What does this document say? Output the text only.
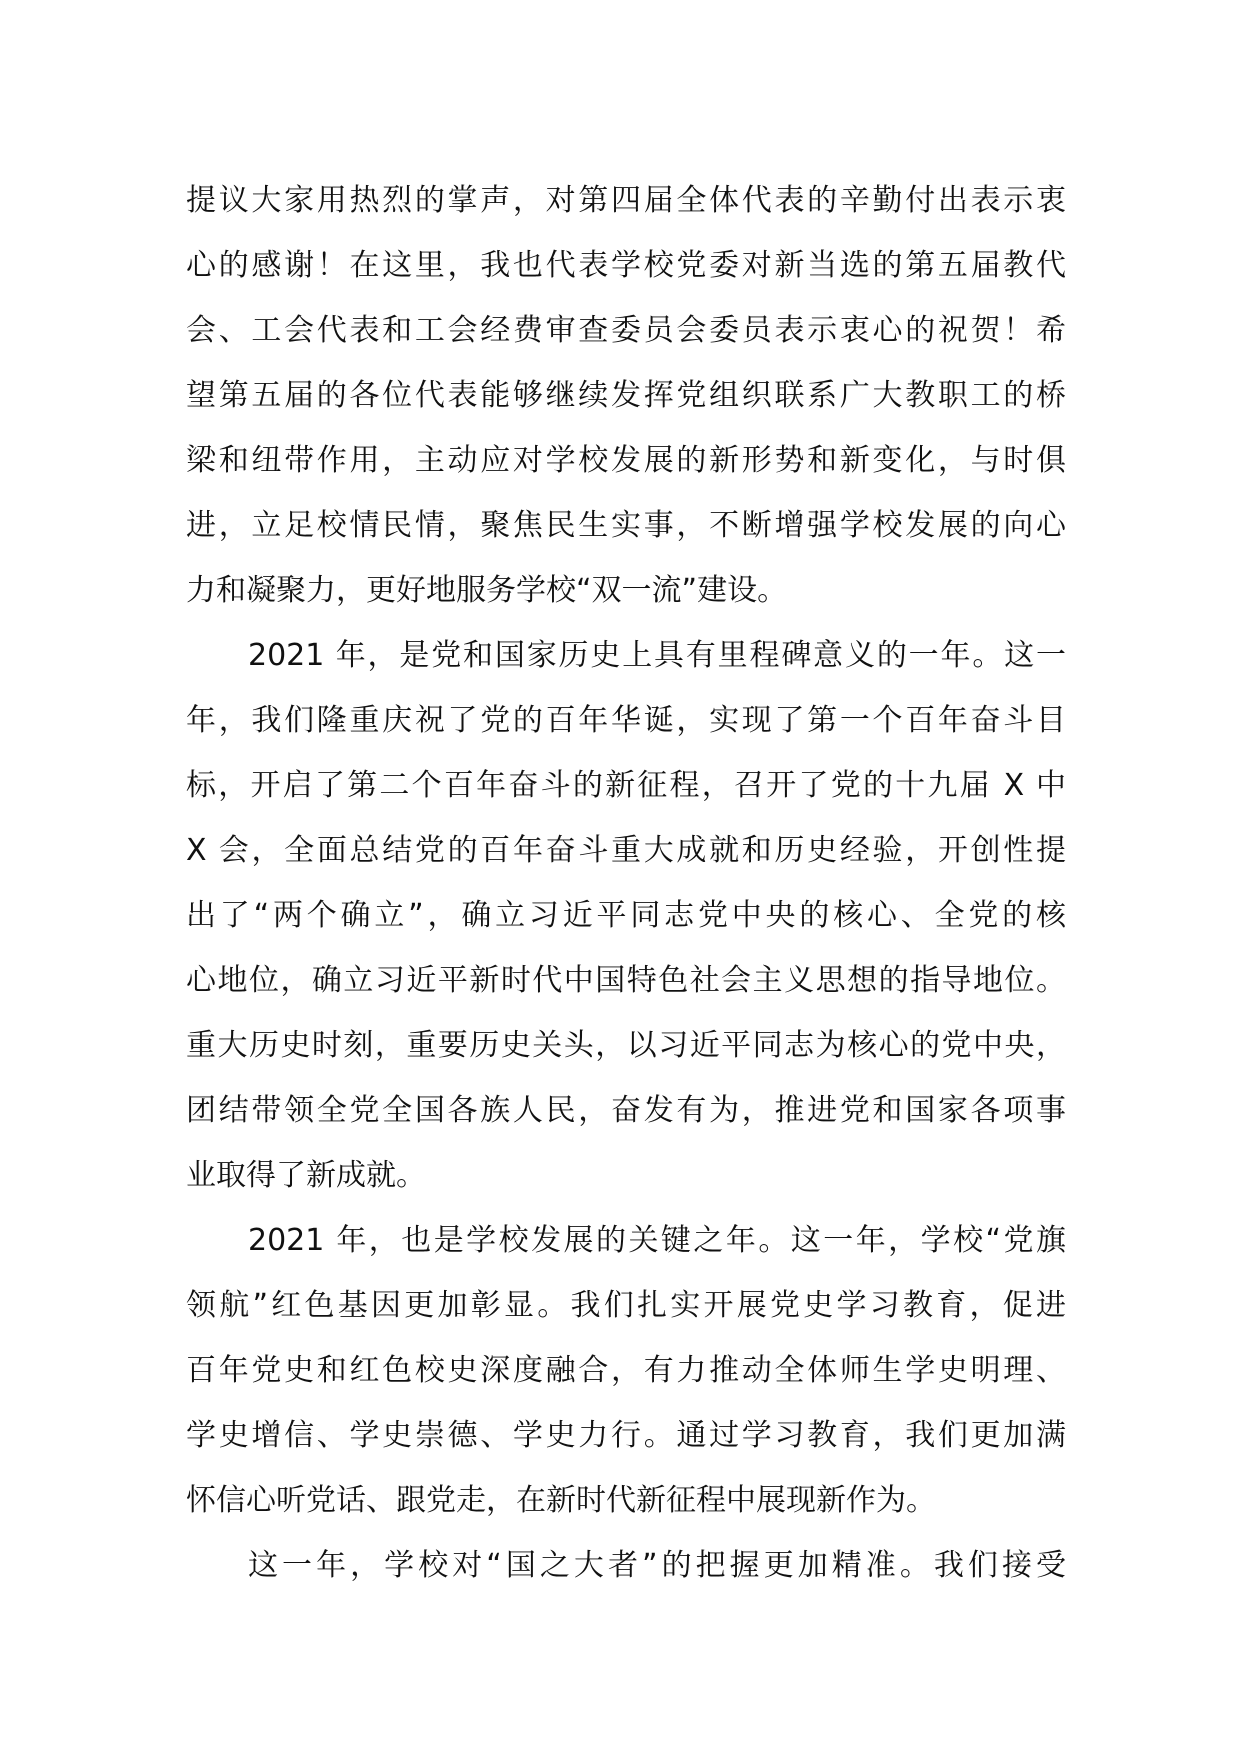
提议大家用热烈的掌声，对第四届全体代表的辛勤付出表示衷
心的感谢！在这里，我也代表学校党委对新当选的第五届教代
会、工会代表和工会经费审查委员会委员表示衷心的祝贺！希
望第五届的各位代表能够继续发挥党组织联系广大教职工的桥
梁和纽带作用，主动应对学校发展的新形势和新变化，与时俱
进，立足校情民情，聚焦民生实事，不断增强学校发展的向心
力和凝聚力，更好地服务学校“双一流”建设。
2021 年，是党和国家历史上具有里程碑意义的一年。这一
年，我们隆重庆祝了党的百年华诞，实现了第一个百年奋斗目
标，开启了第二个百年奋斗的新征程，召开了党的十九届 X 中
X 会，全面总结党的百年奋斗重大成就和历史经验，开创性提
出了“两个确立”，确立习近平同志党中央的核心、全党的核
心地位，确立习近平新时代中国特色社会主义思想的指导地位。
重大历史时刻，重要历史关头，以习近平同志为核心的党中央，
团结带领全党全国各族人民，奋发有为，推进党和国家各项事
业取得了新成就。
2021 年，也是学校发展的关键之年。这一年，学校“党旗
领航”红色基因更加彰显。我们扎实开展党史学习教育，促进
百年党史和红色校史深度融合，有力推动全体师生学史明理、
学史增信、学史崇德、学史力行。通过学习教育，我们更加满
怀信心听党话、跟党走，在新时代新征程中展现新作为。
这一年，学校对“国之大者”的把握更加精准。我们接受
